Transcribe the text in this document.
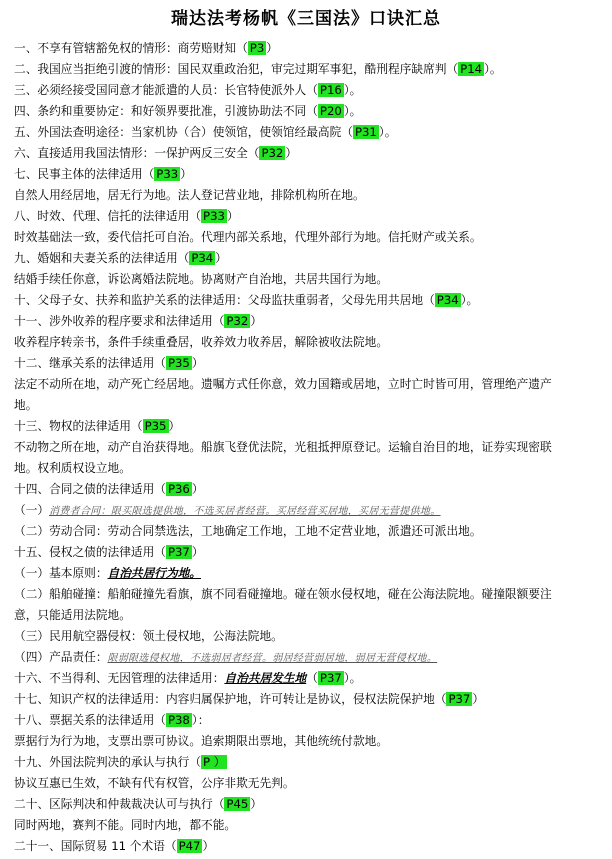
瑞达法考杨帆《三国法》口诀汇总
一、不享有管辖豁免权的情形：商劳赔财知（ P3 ）
二、我国应当拒绝引渡的情形：国民双重政治犯，审完过期军事犯，酷刑程序缺席判（ P14 ）。
三、必须经接受国同意才能派遣的人员：长官特使派外人（ P16 ）。
四、条约和重要协定：和好领界要批准，引渡协助法不同（ P20 ）。
五、外国法查明途径：当家机协（合）使领馆，使领馆经最高院（ P31 ）。
六、直接适用我国法情形：一保护两反三安全（ P32 ）
七、民事主体的法律适用（ P33 ）
自然人用经居地，居无行为地。法人登记营业地，排除机构所在地。
八、时效、代理、信托的法律适用（ P33 ）
时效基础法一致，委代信托可自治。代理内部关系地，代理外部行为地。信托财产或关系。
九、婚姻和夫妻关系的法律适用（ P34 ）
结婚手续任你意，诉讼离婚法院地。协离财产自治地，共居共国行为地。
十、父母子女、扶养和监护关系的法律适用：父母监扶重弱者，父母先用共居地（ P34 ）。
十一、涉外收养的程序要求和法律适用（ P32 ）
收养程序转亲书，条件手续重叠居，收养效力收养居，解除被收法院地。
十二、继承关系的法律适用（ P35 ）
法定不动所在地，动产死亡经居地。遗嘱方式任你意，效力国籍或居地，立时亡时皆可用，管理绝产遗产
地。
十三、物权的法律适用（ P35 ）
不动物之所在地，动产自治获得地。船旗飞登优法院，光租抵押原登记。运输自治目的地，证券实现密联
地。权利质权设立地。
十四、合同之债的法律适用（ P36 ）
（一）消费者合同：限买限选提供地，不选买居者经营。买居经营买居地，买居无营提供地。
（二）劳动合同：劳动合同禁选法，工地确定工作地，工地不定营业地，派遣还可派出地。
十五、侵权之债的法律适用（ P37 ）
（一）基本原则：自治共居行为地。
（二）船舶碰撞：船舶碰撞先看旗，旗不同看碰撞地。碰在领水侵权地，碰在公海法院地。碰撞限额要注
意，只能适用法院地。
（三）民用航空器侵权：领土侵权地，公海法院地。
（四）产品责任：限弱限选侵权地，不选弱居者经营。弱居经营弱居地，弱居无营侵权地。
十六、不当得利、无因管理的法律适用：自治共居发生地（ P37 ）。
十七、知识产权的法律适用：内容归属保护地，许可转让是协议，侵权法院保护地（ P37 ）
十八、票据关系的法律适用（ P38 ）：
票据行为行为地，支票出票可协议。追索期限出票地，其他统统付款地。
十九、外国法院判决的承认与执行（ P ）
协议互惠已生效，不缺有代有权管，公序非欺无先判。
二十、区际判决和仲裁裁决认可与执行（ P45 ）
同时两地，赛判不能。同时内地，都不能。
二十一、国际贸易 11 个术语（ P47 ）
